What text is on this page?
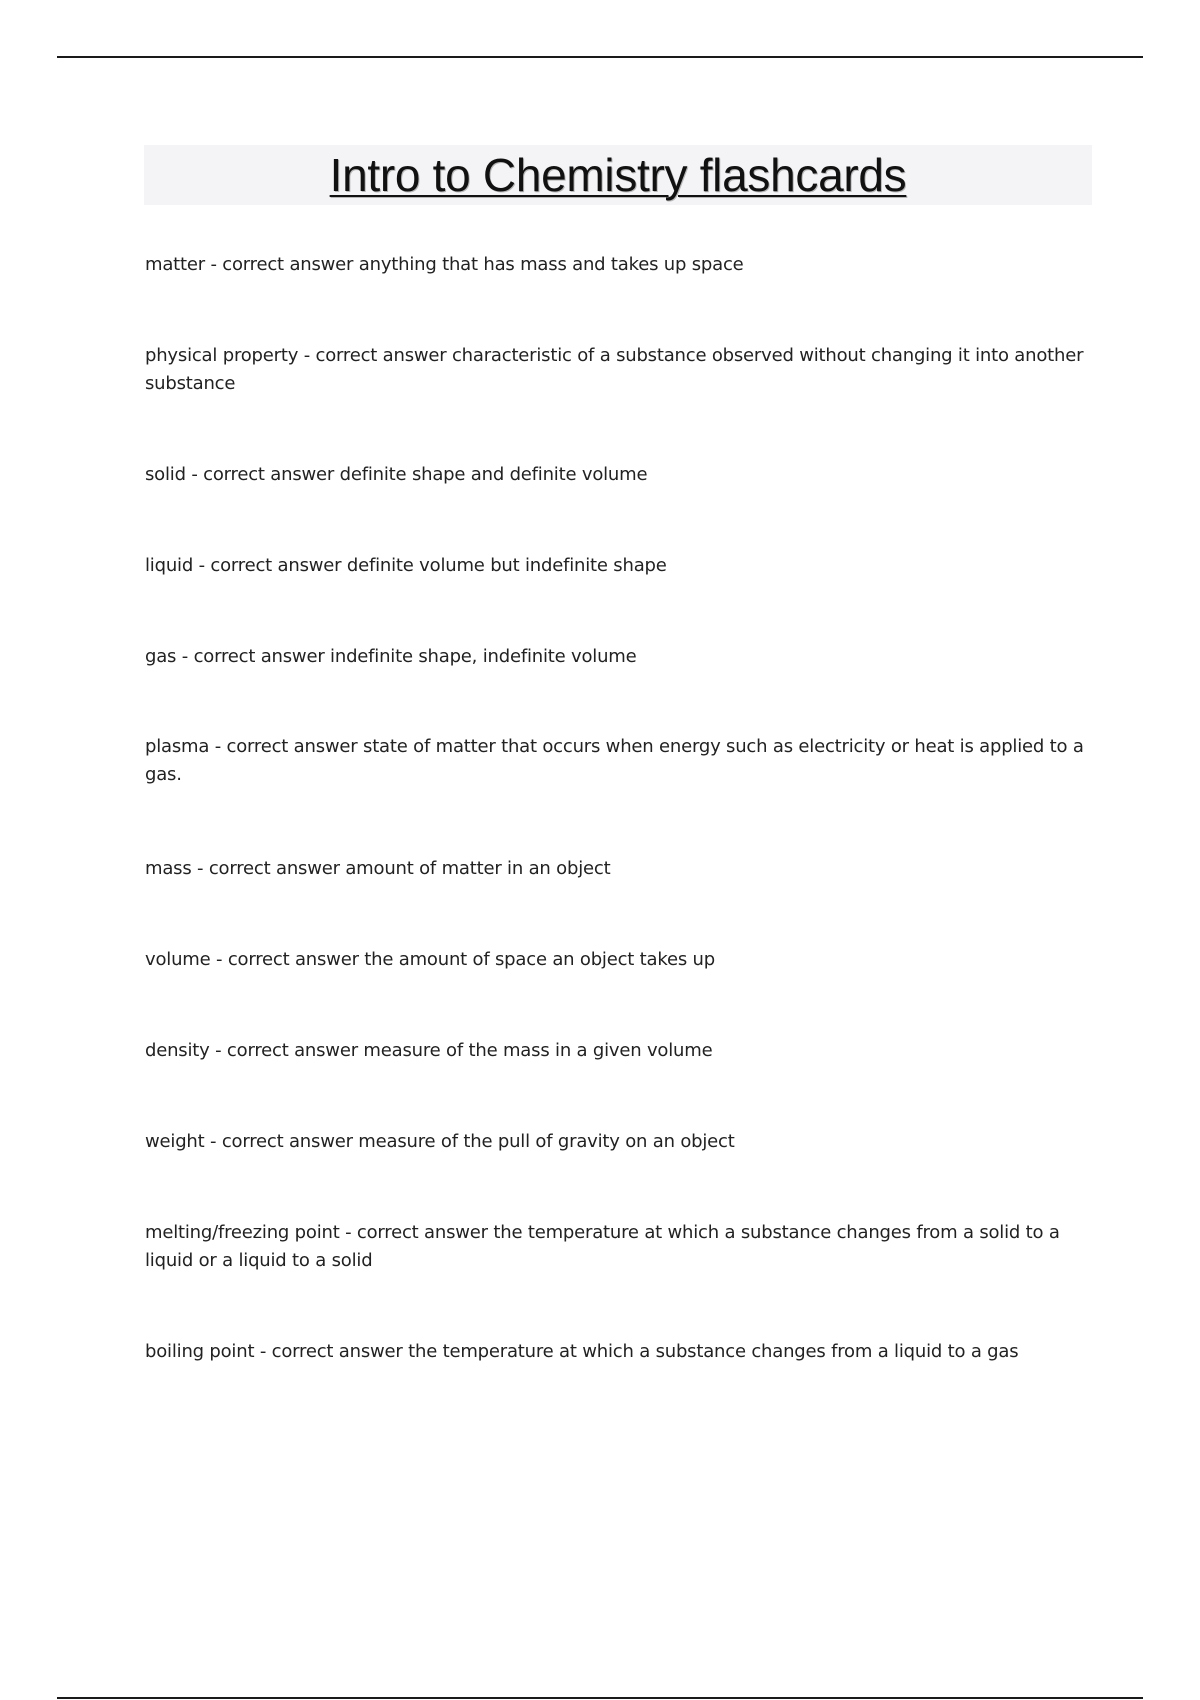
Intro to Chemistry flashcards
matter - correct answer anything that has mass and takes up space
physical property - correct answer characteristic of a substance observed without changing it into another substance
solid - correct answer definite shape and definite volume
liquid - correct answer definite volume but indefinite shape
gas - correct answer indefinite shape, indefinite volume
plasma - correct answer state of matter that occurs when energy such as electricity or heat is applied to a gas.
mass - correct answer amount of matter in an object
volume - correct answer the amount of space an object takes up
density - correct answer measure of the mass in a given volume
weight - correct answer measure of the pull of gravity on an object
melting/freezing point - correct answer the temperature at which a substance changes from a solid to a liquid or a liquid to a solid
boiling point - correct answer the temperature at which a substance changes from a liquid to a gas
